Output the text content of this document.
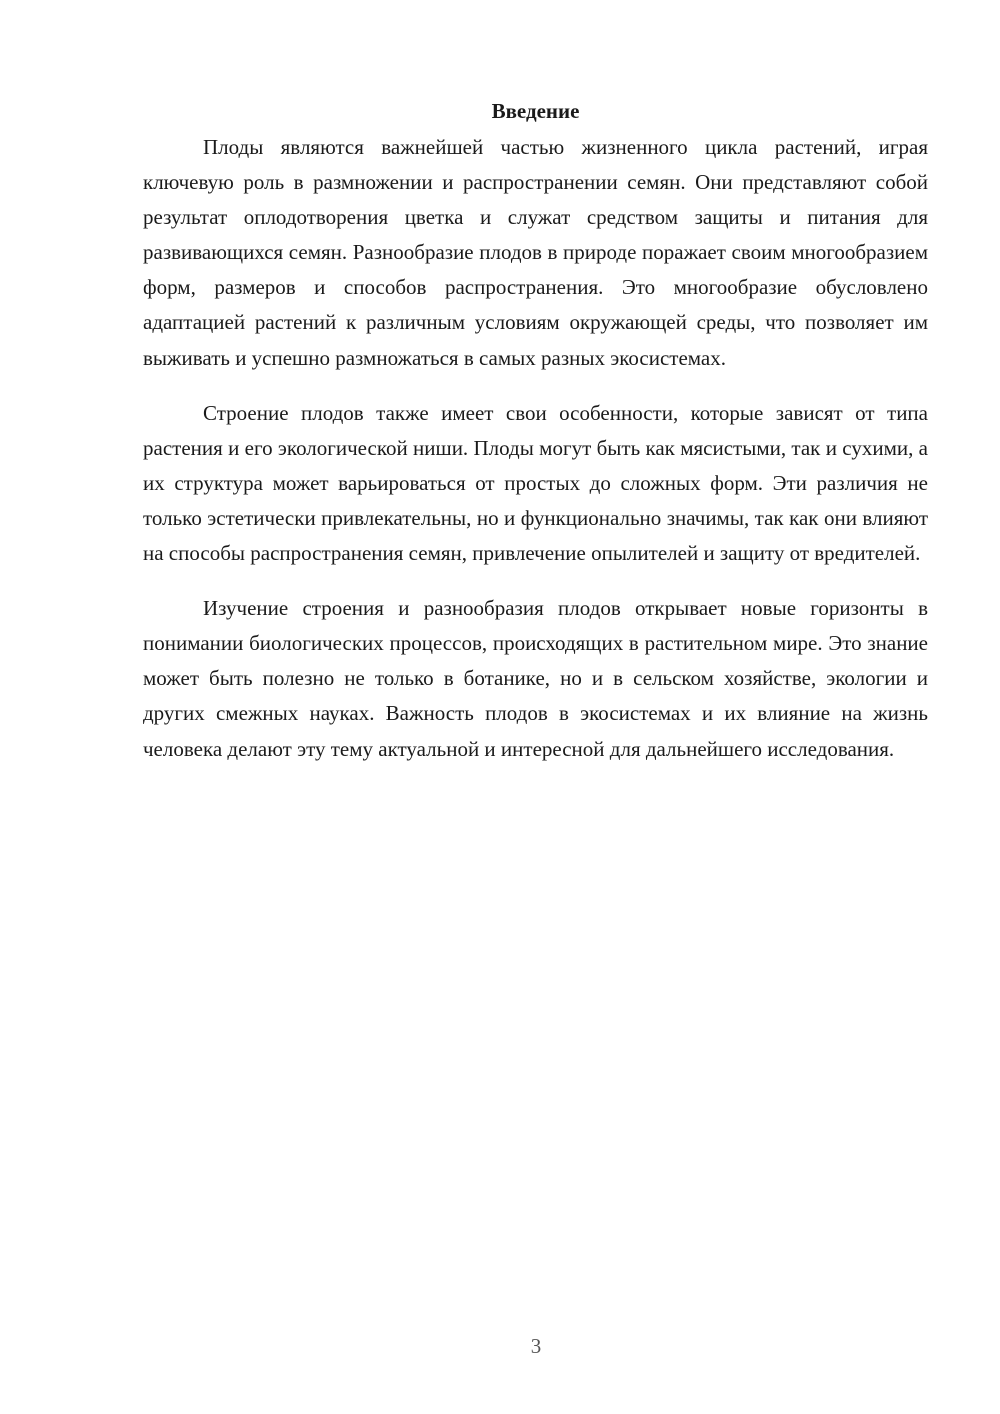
Введение

Плоды являются важнейшей частью жизненного цикла растений, играя ключевую роль в размножении и распространении семян. Они представляют собой результат оплодотворения цветка и служат средством защиты и питания для развивающихся семян. Разнообразие плодов в природе поражает своим многообразием форм, размеров и способов распространения. Это многообразие обусловлено адаптацией растений к различным условиям окружающей среды, что позволяет им выживать и успешно размножаться в самых разных экосистемах.

Строение плодов также имеет свои особенности, которые зависят от типа растения и его экологической ниши. Плоды могут быть как мясистыми, так и сухими, а их структура может варьироваться от простых до сложных форм. Эти различия не только эстетически привлекательны, но и функционально значимы, так как они влияют на способы распространения семян, привлечение опылителей и защиту от вредителей.

Изучение строения и разнообразия плодов открывает новые горизонты в понимании биологических процессов, происходящих в растительном мире. Это знание может быть полезно не только в ботанике, но и в сельском хозяйстве, экологии и других смежных науках. Важность плодов в экосистемах и их влияние на жизнь человека делают эту тему актуальной и интересной для дальнейшего исследования.

3
